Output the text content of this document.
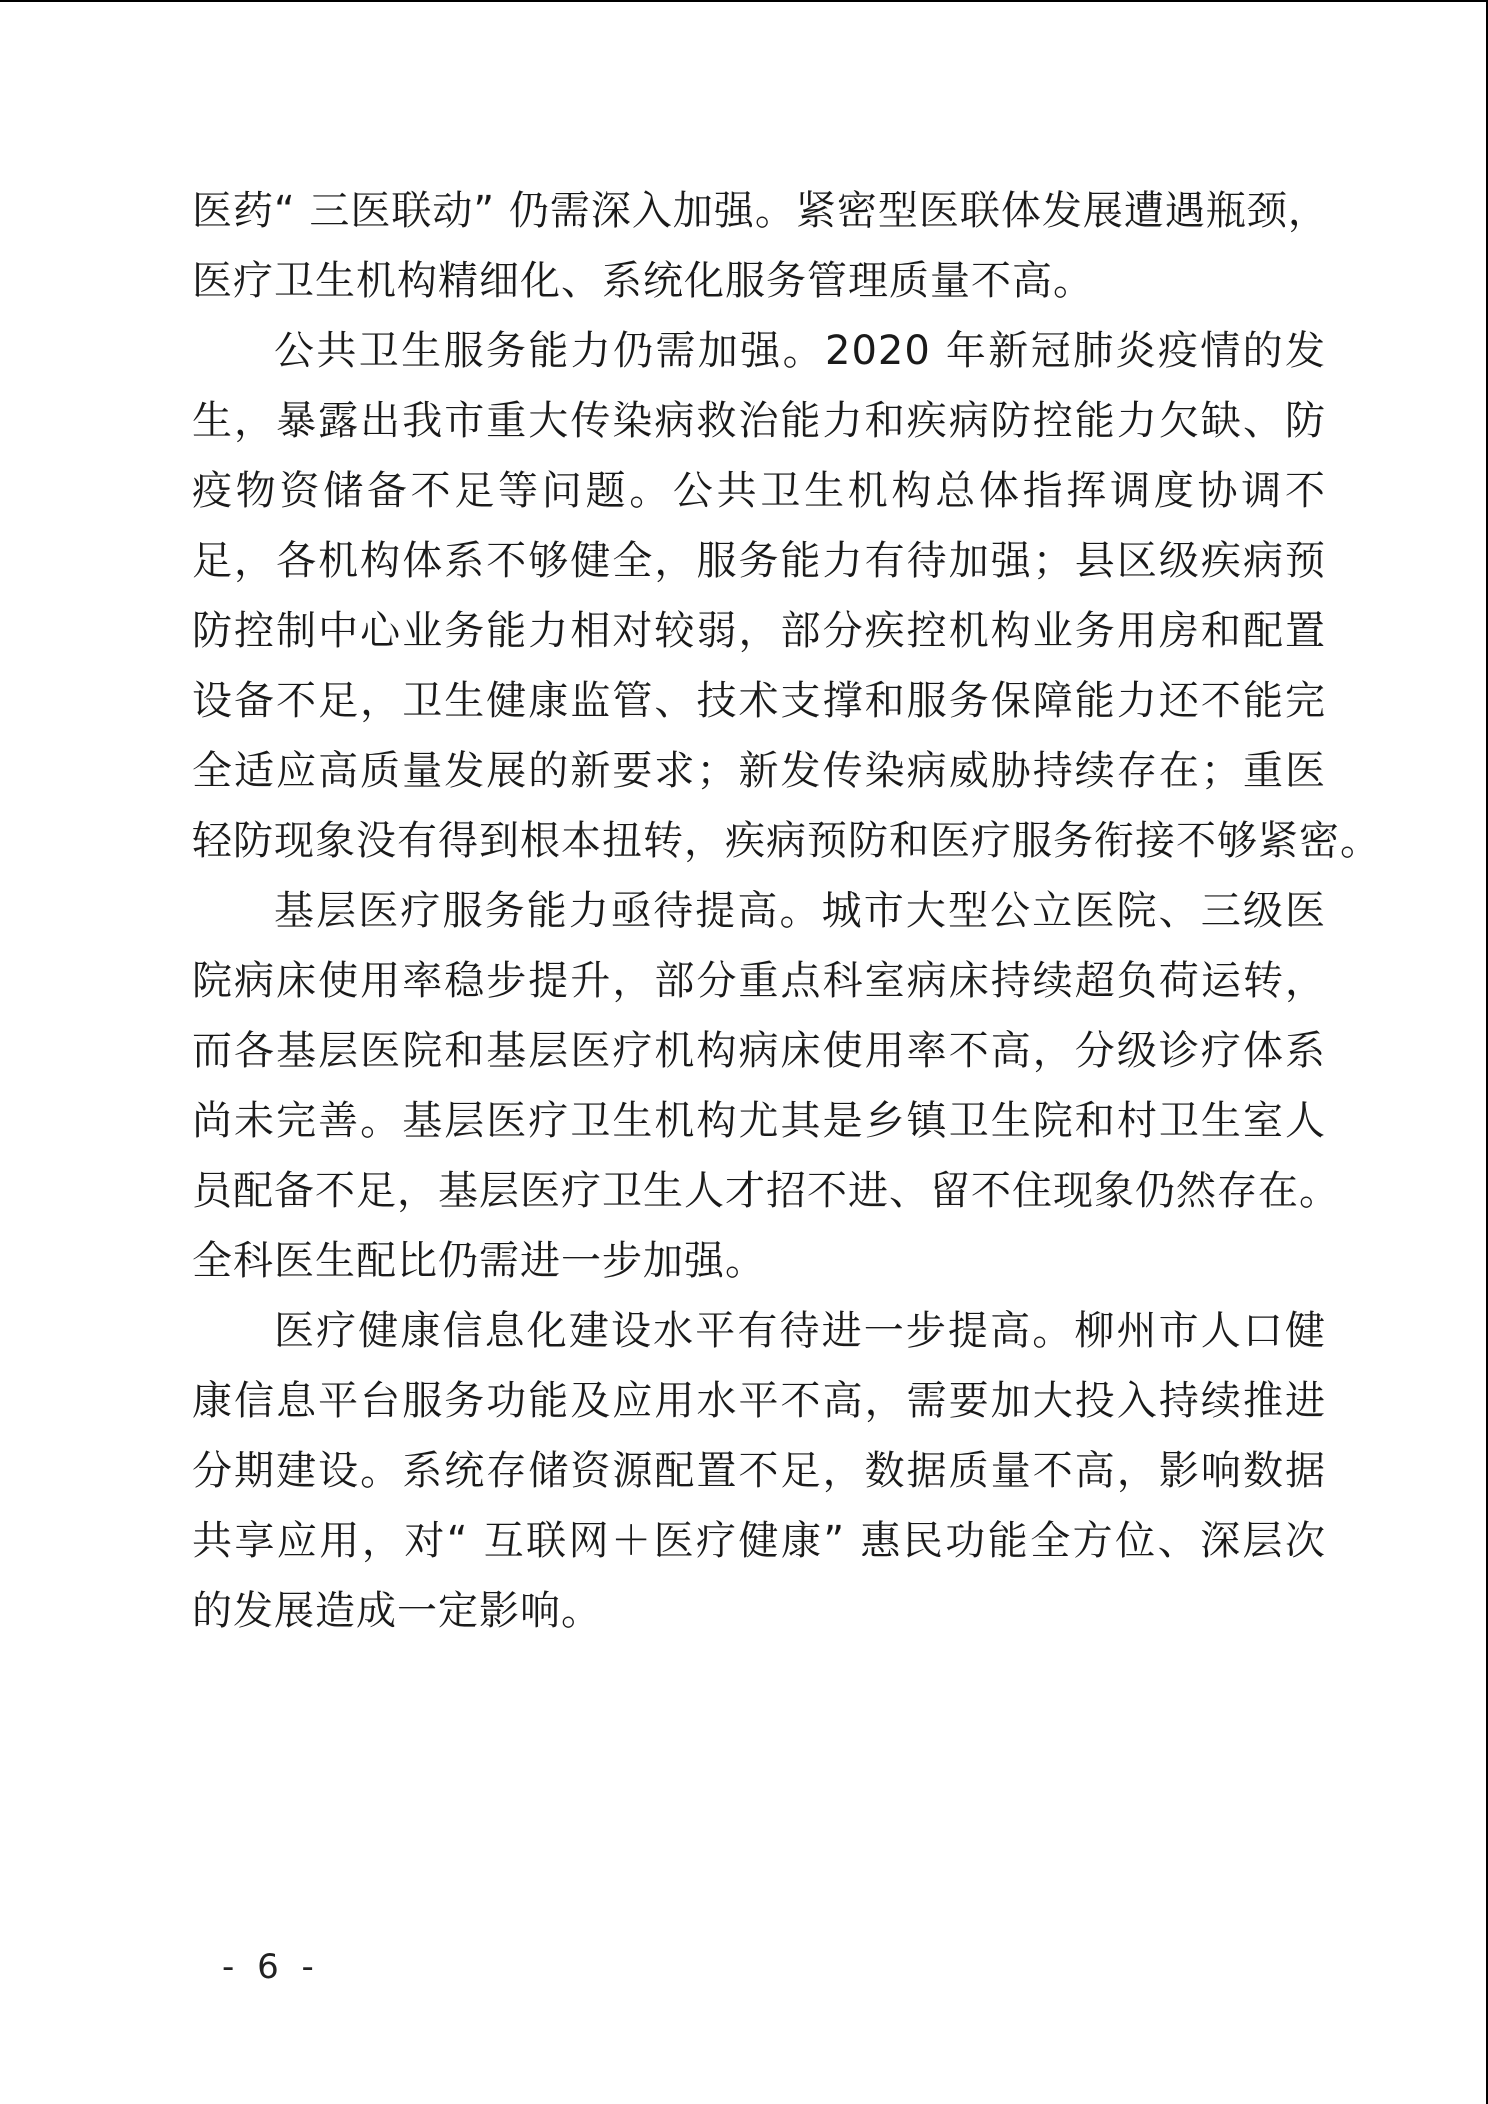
医药“ 三医联动” 仍需深入加强。紧密型医联体发展遭遇瓶颈，
医疗卫生机构精细化、系统化服务管理质量不高。
公共卫生服务能力仍需加强。2020 年新冠肺炎疫情的发
生，暴露出我市重大传染病救治能力和疾病防控能力欠缺、防
疫物资储备不足等问题。公共卫生机构总体指挥调度协调不
足，各机构体系不够健全，服务能力有待加强；县区级疾病预
防控制中心业务能力相对较弱，部分疾控机构业务用房和配置
设备不足，卫生健康监管、技术支撑和服务保障能力还不能完
全适应高质量发展的新要求；新发传染病威胁持续存在；重医
轻防现象没有得到根本扭转，疾病预防和医疗服务衔接不够紧密。
基层医疗服务能力亟待提高。城市大型公立医院、三级医
院病床使用率稳步提升，部分重点科室病床持续超负荷运转，
而各基层医院和基层医疗机构病床使用率不高，分级诊疗体系
尚未完善。基层医疗卫生机构尤其是乡镇卫生院和村卫生室人
员配备不足，基层医疗卫生人才招不进、留不住现象仍然存在。
全科医生配比仍需进一步加强。
医疗健康信息化建设水平有待进一步提高。柳州市人口健
康信息平台服务功能及应用水平不高，需要加大投入持续推进
分期建设。系统存储资源配置不足，数据质量不高，影响数据
共享应用，对“ 互联网＋医疗健康” 惠民功能全方位、深层次
的发展造成一定影响。
- 6 -
